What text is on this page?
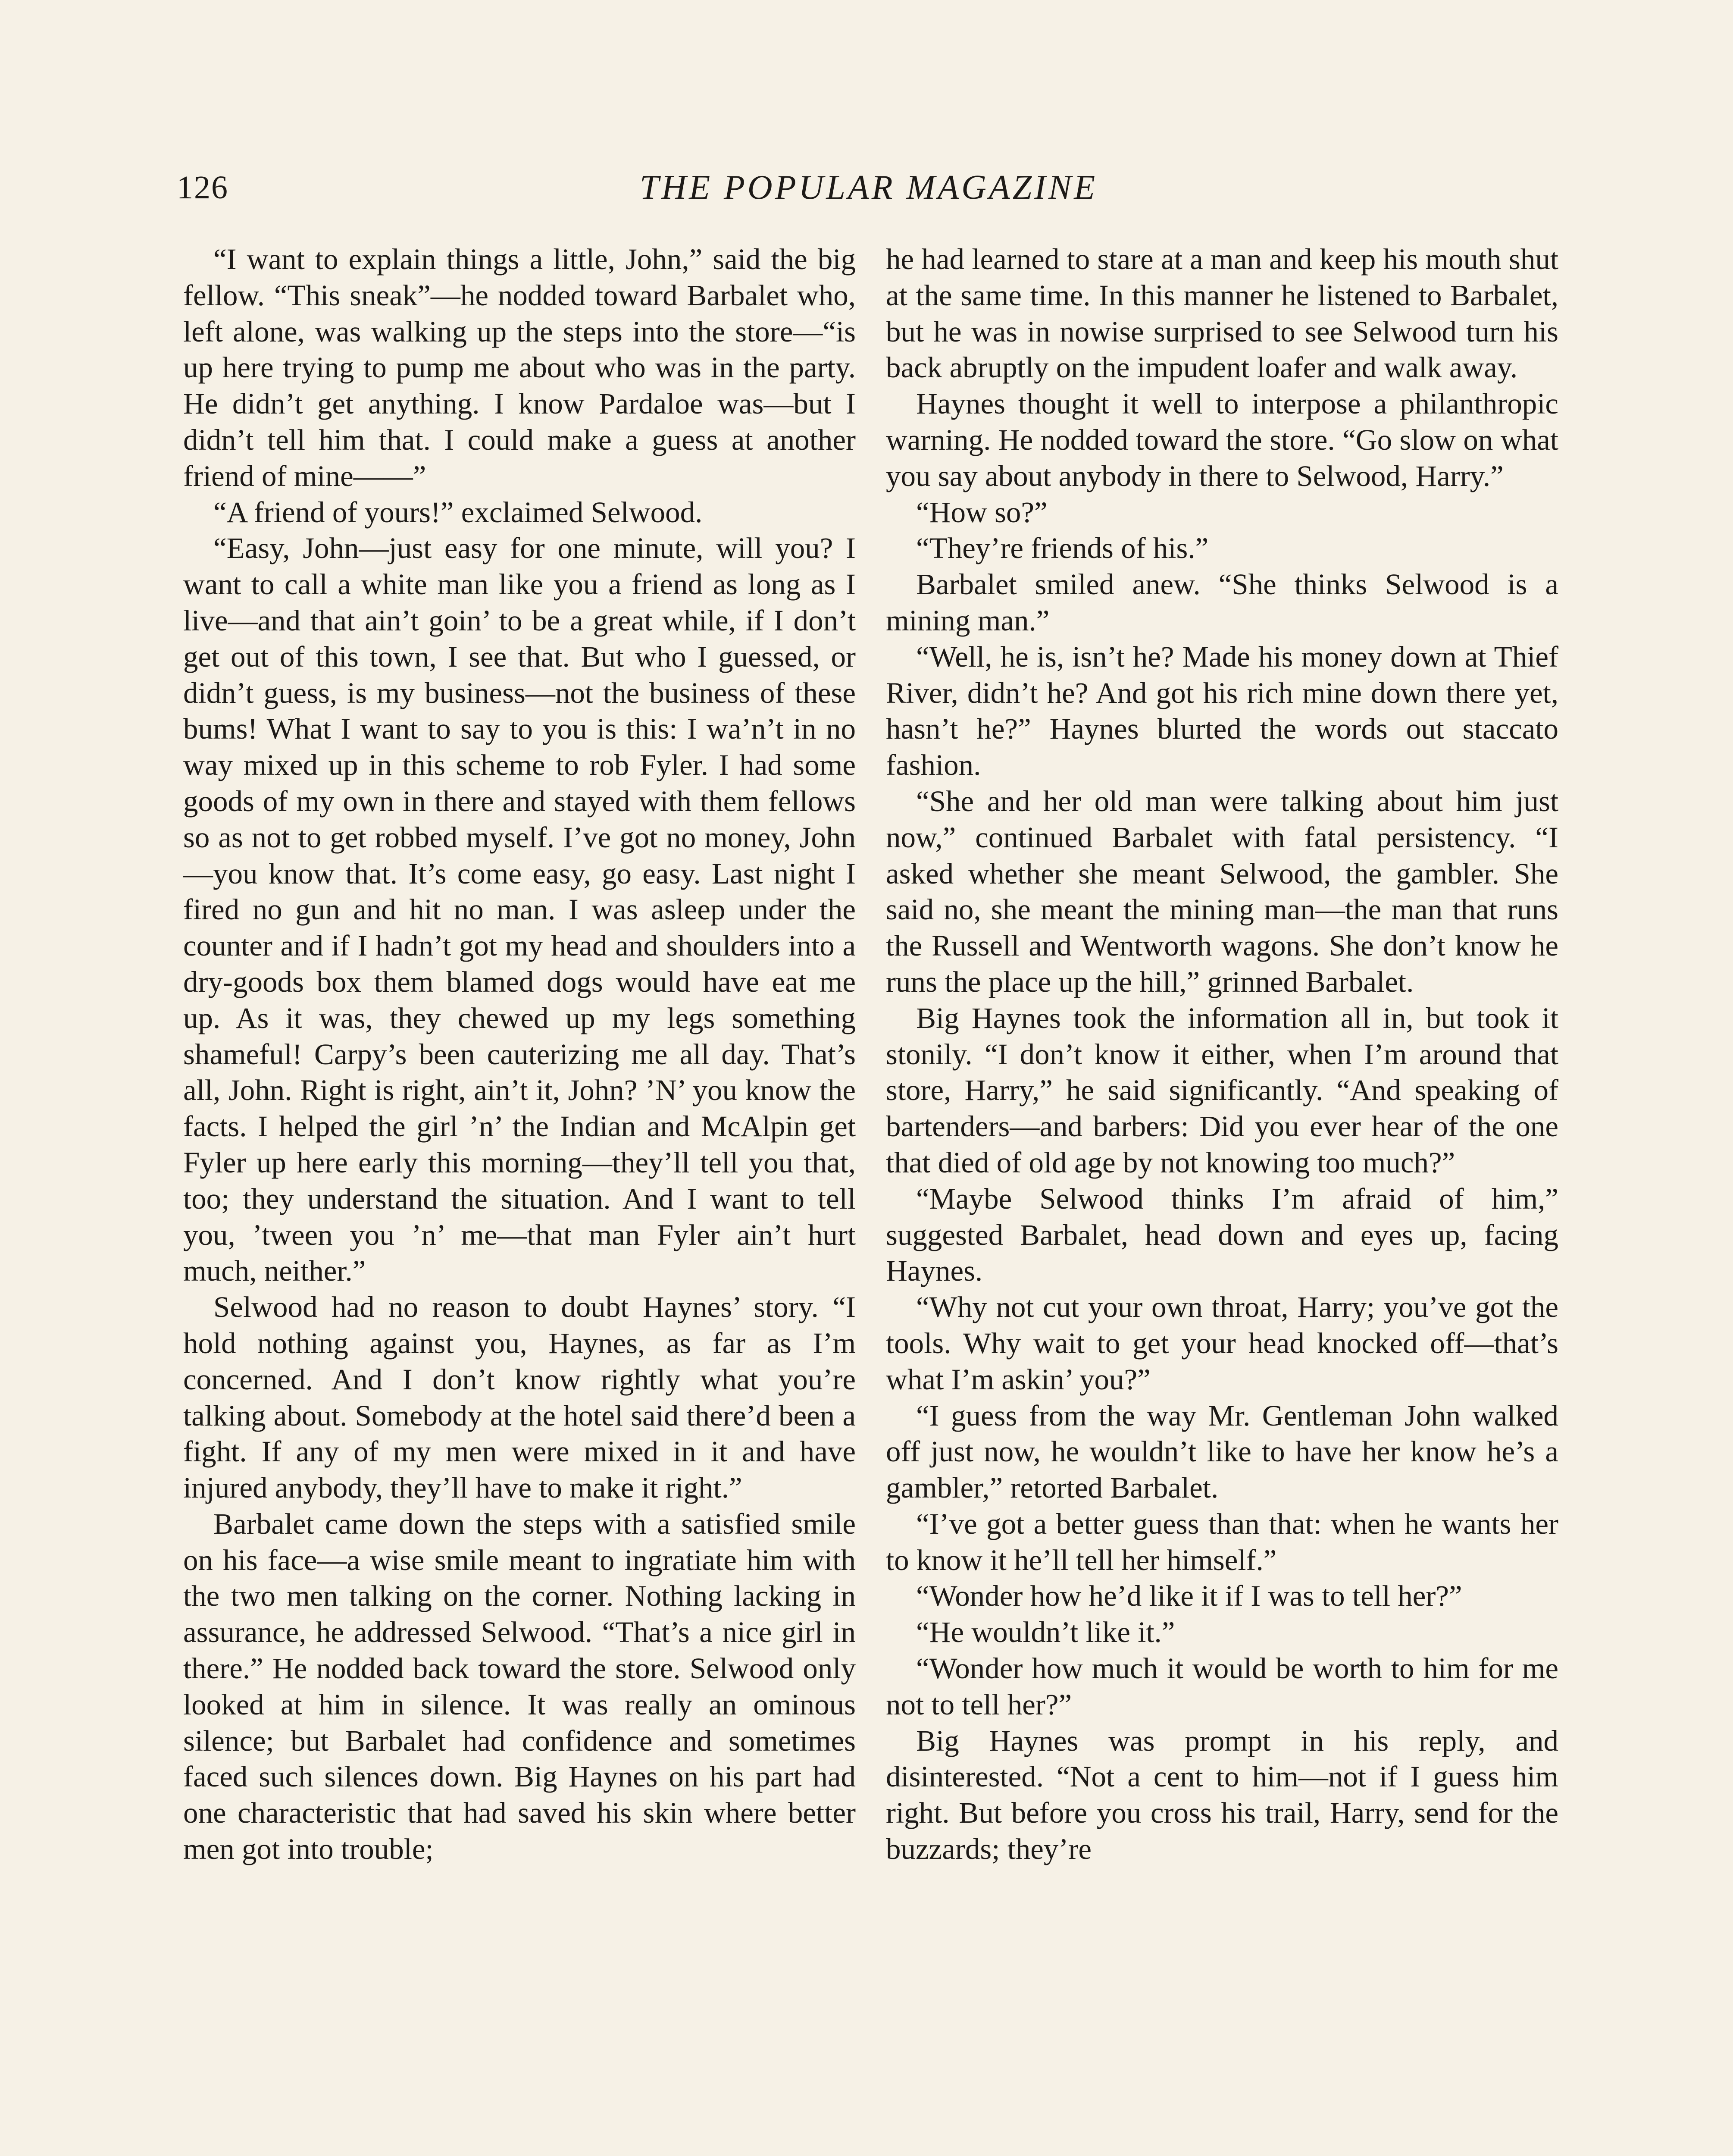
126	THE POPULAR MAGAZINE

“I want to explain things a little, John,” said the big fellow. “This sneak”—he nodded toward Barbalet who, left alone, was walking up the steps into the store—“is up here trying to pump me about who was in the party. He didn’t get anything. I know Pardaloe was—but I didn’t tell him that. I could make a guess at another friend of mine——”

“A friend of yours!” exclaimed Selwood.

“Easy, John—just easy for one minute, will you? I want to call a white man like you a friend as long as I live—and that ain’t goin’ to be a great while, if I don’t get out of this town, I see that. But who I guessed, or didn’t guess, is my business—not the business of these bums! What I want to say to you is this: I wa’n’t in no way mixed up in this scheme to rob Fyler. I had some goods of my own in there and stayed with them fellows so as not to get robbed myself. I’ve got no money, John—you know that. It’s come easy, go easy. Last night I fired no gun and hit no man. I was asleep under the counter and if I hadn’t got my head and shoulders into a dry-goods box them blamed dogs would have eat me up. As it was, they chewed up my legs something shameful! Carpy’s been cauterizing me all day. That’s all, John. Right is right, ain’t it, John? ’N’ you know the facts. I helped the girl ’n’ the Indian and McAlpin get Fyler up here early this morning—they’ll tell you that, too; they understand the situation. And I want to tell you, ’tween you ’n’ me—that man Fyler ain’t hurt much, neither.”

Selwood had no reason to doubt Haynes’ story. “I hold nothing against you, Haynes, as far as I’m concerned. And I don’t know rightly what you’re talking about. Somebody at the hotel said there’d been a fight. If any of my men were mixed in it and have injured anybody, they’ll have to make it right.”

Barbalet came down the steps with a satisfied smile on his face—a wise smile meant to ingratiate him with the two men talking on the corner. Nothing lacking in assurance, he addressed Selwood. “That’s a nice girl in there.” He nodded back toward the store. Selwood only looked at him in silence. It was really an ominous silence; but Barbalet had confidence and sometimes faced such silences down. Big Haynes on his part had one characteristic that had saved his skin where better men got into trouble;

he had learned to stare at a man and keep his mouth shut at the same time. In this manner he listened to Barbalet, but he was in nowise surprised to see Selwood turn his back abruptly on the impudent loafer and walk away.

Haynes thought it well to interpose a philanthropic warning. He nodded toward the store. “Go slow on what you say about anybody in there to Selwood, Harry.”

“How so?”

“They’re friends of his.”

Barbalet smiled anew. “She thinks Selwood is a mining man.”

“Well, he is, isn’t he? Made his money down at Thief River, didn’t he? And got his rich mine down there yet, hasn’t he?” Haynes blurted the words out staccato fashion.

“She and her old man were talking about him just now,” continued Barbalet with fatal persistency. “I asked whether she meant Selwood, the gambler. She said no, she meant the mining man—the man that runs the Russell and Wentworth wagons. She don’t know he runs the place up the hill,” grinned Barbalet.

Big Haynes took the information all in, but took it stonily. “I don’t know it either, when I’m around that store, Harry,” he said significantly. “And speaking of bartenders—and barbers: Did you ever hear of the one that died of old age by not knowing too much?”

“Maybe Selwood thinks I’m afraid of him,” suggested Barbalet, head down and eyes up, facing Haynes.

“Why not cut your own throat, Harry; you’ve got the tools. Why wait to get your head knocked off—that’s what I’m askin’ you?”

“I guess from the way Mr. Gentleman John walked off just now, he wouldn’t like to have her know he’s a gambler,” retorted Barbalet.

“I’ve got a better guess than that: when he wants her to know it he’ll tell her himself.”

“Wonder how he’d like it if I was to tell her?”

“He wouldn’t like it.”

“Wonder how much it would be worth to him for me not to tell her?”

Big Haynes was prompt in his reply, and disinterested. “Not a cent to him—not if I guess him right. But before you cross his trail, Harry, send for the buzzards; they’re
